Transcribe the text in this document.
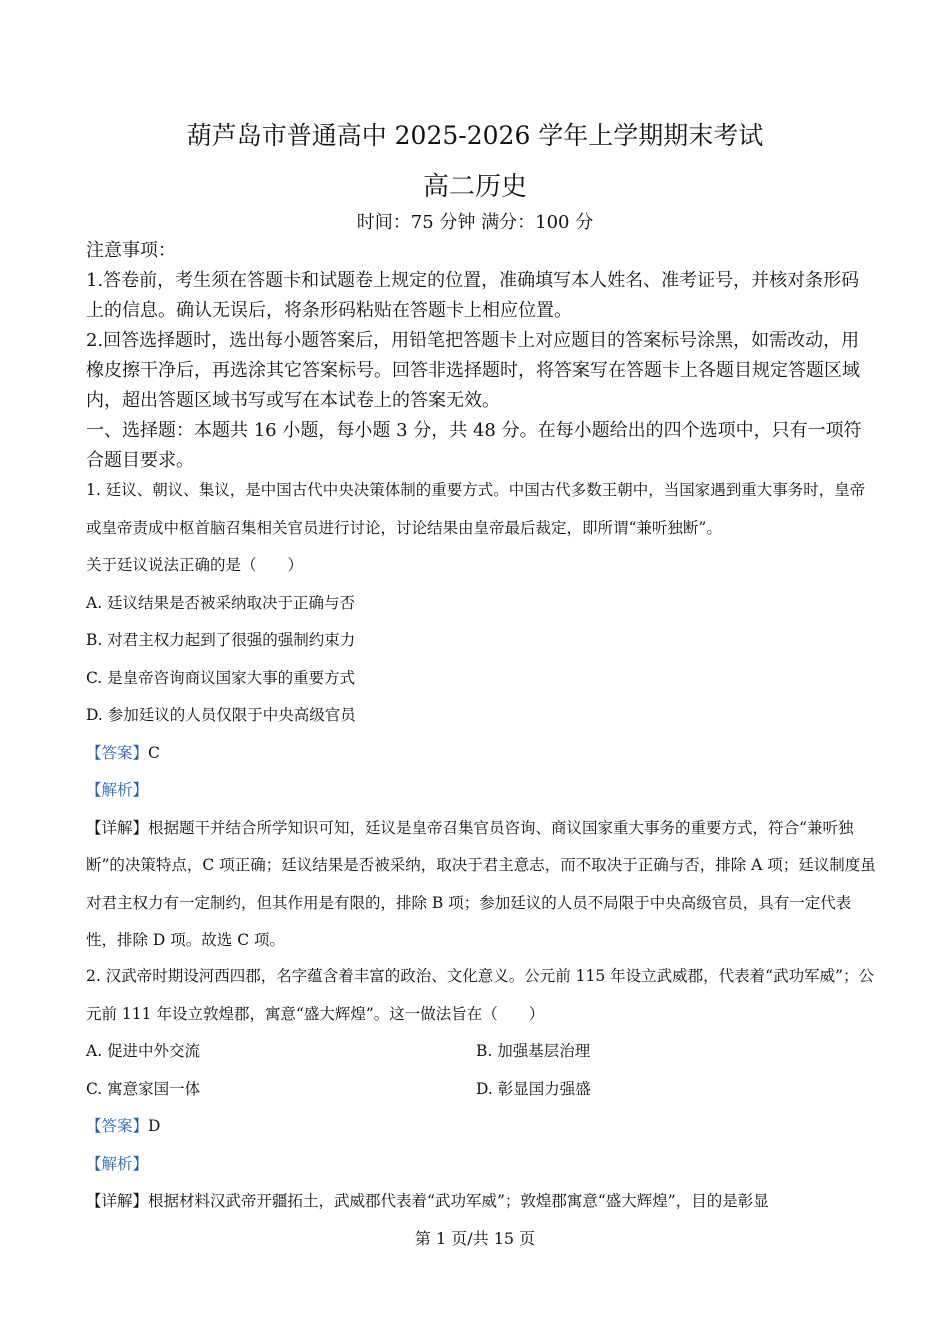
葫芦岛市普通高中 2025-2026 学年上学期期末考试
高二历史
时间：75 分钟 满分：100 分

注意事项：

1.答卷前，考生须在答题卡和试题卷上规定的位置，准确填写本人姓名、准考证号，并核对条形码上的信息。确认无误后，将条形码粘贴在答题卡上相应位置。

2.回答选择题时，选出每小题答案后，用铅笔把答题卡上对应题目的答案标号涂黑，如需改动，用橡皮擦干净后，再选涂其它答案标号。回答非选择题时，将答案写在答题卡上各题目规定答题区域内，超出答题区域书写或写在本试卷上的答案无效。

一、选择题：本题共 16 小题，每小题 3 分，共 48 分。在每小题给出的四个选项中，只有一项符合题目要求。

1. 廷议、朝议、集议，是中国古代中央决策体制的重要方式。中国古代多数王朝中，当国家遇到重大事务时，皇帝或皇帝责成中枢首脑召集相关官员进行讨论，讨论结果由皇帝最后裁定，即所谓“兼听独断”。

关于廷议说法正确的是（　　）

A. 廷议结果是否被采纳取决于正确与否

B. 对君主权力起到了很强的强制约束力

C. 是皇帝咨询商议国家大事的重要方式

D. 参加廷议的人员仅限于中央高级官员

【答案】C

【解析】

【详解】根据题干并结合所学知识可知，廷议是皇帝召集官员咨询、商议国家重大事务的重要方式，符合“兼听独断”的决策特点，C 项正确；廷议结果是否被采纳，取决于君主意志，而不取决于正确与否，排除 A 项；廷议制度虽对君主权力有一定制约，但其作用是有限的，排除 B 项；参加廷议的人员不局限于中央高级官员，具有一定代表性，排除 D 项。故选 C 项。

2. 汉武帝时期设河西四郡，名字蕴含着丰富的政治、文化意义。公元前 115 年设立武威郡，代表着“武功军威”；公元前 111 年设立敦煌郡，寓意“盛大辉煌”。这一做法旨在（　　）

A. 促进中外交流	B. 加强基层治理
C. 寓意家国一体	D. 彰显国力强盛

【答案】D

【解析】

【详解】根据材料汉武帝开疆拓土，武威郡代表着“武功军威”；敦煌郡寓意“盛大辉煌”，目的是彰显

第 1 页/共 15 页
